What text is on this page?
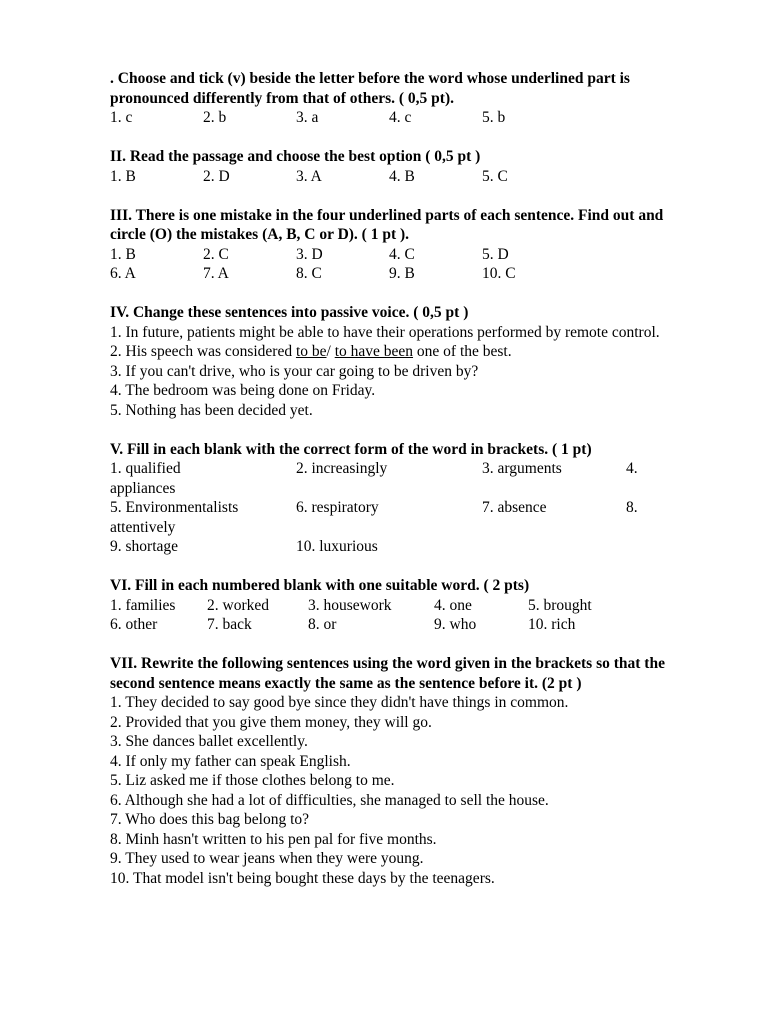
. Choose and tick (v) beside the letter before the word whose underlined part is pronounced differently from that of others. ( 0,5 pt).
1. c	2. b	3. a	4. c	5. b
II. Read the passage and choose the best option ( 0,5 pt )
1. B	2. D	3. A	4. B	5. C
III. There is one mistake in the four underlined parts of each sentence. Find out and circle (O) the mistakes (A, B, C or D). ( 1 pt ).
1. B	2. C	3. D	4. C	5. D
6. A	7. A	8. C	9. B	10. C
IV. Change these sentences into passive voice. ( 0,5 pt )
1. In future, patients might be able to have their operations performed by remote control.
2. His speech was considered to be/ to have been one of the best.
3. If you can't drive, who is your car going to be driven by?
4. The bedroom was being done on Friday.
5. Nothing has been decided yet.
V. Fill in each blank with the correct form of the word in brackets. ( 1 pt)
1. qualified	2. increasingly	3. arguments	4.
appliances
5. Environmentalists	6. respiratory	7. absence	8.
attentively
9. shortage	10. luxurious
VI. Fill in each numbered blank with one suitable word. ( 2 pts)
1. families	2. worked	3. housework	4. one	5. brought
6. other	7. back	8. or	9. who	10. rich
VII. Rewrite the following sentences using the word given in the brackets so that the second sentence means exactly the same as the sentence before it. (2 pt )
1. They decided to say good bye since they didn't have things in common.
2. Provided that you give them money, they will go.
3. She dances ballet excellently.
4. If only my father can speak English.
5. Liz asked me if those clothes belong to me.
6. Although she had a lot of difficulties, she managed to sell the house.
7. Who does this bag belong to?
8. Minh hasn't written to his pen pal for five months.
9. They used to wear jeans when they were young.
10. That model isn't being bought these days by the teenagers.
